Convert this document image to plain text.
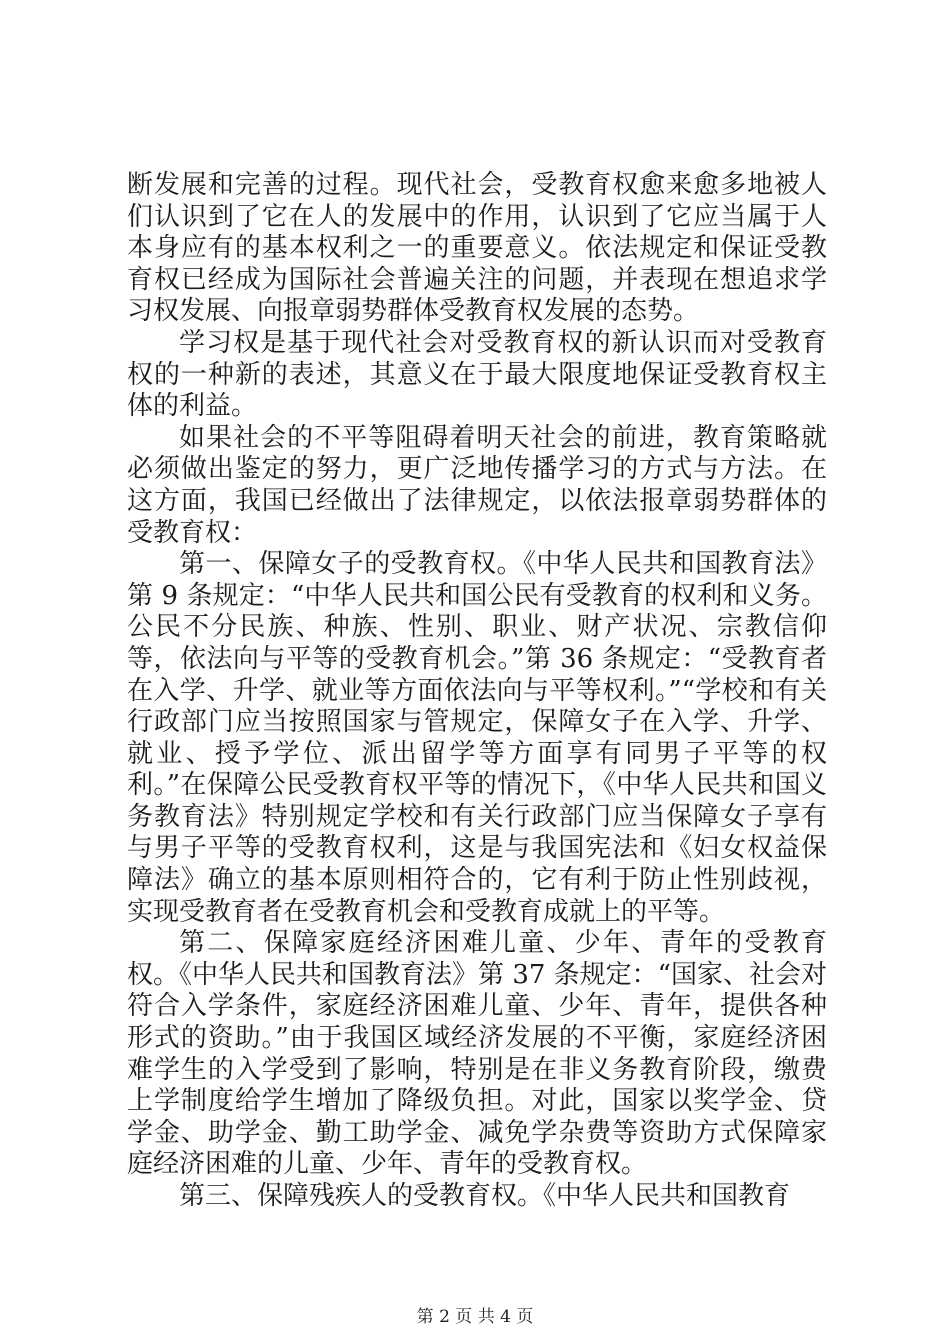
断发展和完善的过程。现代社会，受教育权愈来愈多地被人们认识到了它在人的发展中的作用，认识到了它应当属于人本身应有的基本权利之一的重要意义。依法规定和保证受教育权已经成为国际社会普遍关注的问题，并表现在想追求学习权发展、向报章弱势群体受教育权发展的态势。

学习权是基于现代社会对受教育权的新认识而对受教育权的一种新的表述，其意义在于最大限度地保证受教育权主体的利益。

如果社会的不平等阻碍着明天社会的前进，教育策略就必须做出鉴定的努力，更广泛地传播学习的方式与方法。在这方面，我国已经做出了法律规定，以依法报章弱势群体的受教育权：

第一、保障女子的受教育权。《中华人民共和国教育法》第 9 条规定：“中华人民共和国公民有受教育的权利和义务。公民不分民族、种族、性别、职业、财产状况、宗教信仰等，依法向与平等的受教育机会。”第 36 条规定：“受教育者在入学、升学、就业等方面依法向与平等权利。”“学校和有关行政部门应当按照国家与管规定，保障女子在入学、升学、就业、授予学位、派出留学等方面享有同男子平等的权利。”在保障公民受教育权平等的情况下，《中华人民共和国义务教育法》特别规定学校和有关行政部门应当保障女子享有与男子平等的受教育权利，这是与我国宪法和《妇女权益保障法》确立的基本原则相符合的，它有利于防止性别歧视，实现受教育者在受教育机会和受教育成就上的平等。

第二、保障家庭经济困难儿童、少年、青年的受教育权。《中华人民共和国教育法》第 37 条规定：“国家、社会对符合入学条件，家庭经济困难儿童、少年、青年，提供各种形式的资助。”由于我国区域经济发展的不平衡，家庭经济困难学生的入学受到了影响，特别是在非义务教育阶段，缴费上学制度给学生增加了降级负担。对此，国家以奖学金、贷学金、助学金、勤工助学金、减免学杂费等资助方式保障家庭经济困难的儿童、少年、青年的受教育权。

第三、保障残疾人的受教育权。《中华人民共和国教育

第 2 页 共 4 页
